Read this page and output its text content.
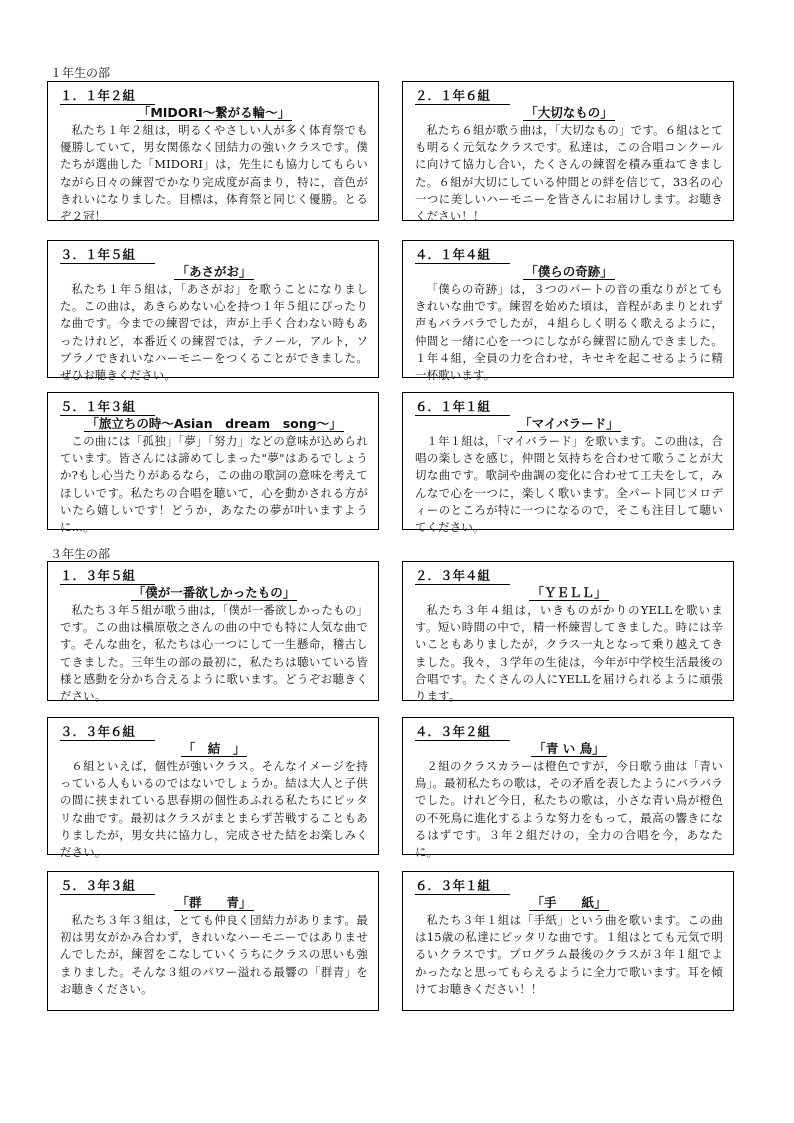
１年生の部
１．１年２組
「MIDORI～繋がる輪～」
私たち１年２組は，明るくやさしい人が多く体育祭でも優勝していて，男女関係なく団結力の強いクラスです。僕たちが選曲した「MIDORI」は，先生にも協力してもらいながら日々の練習でかなり完成度が高まり，特に，音色がきれいになりました。目標は，体育祭と同じく優勝。とるぞ２冠！
２．１年６組
「大切なもの」
私たち６組が歌う曲は，「大切なもの」です。６組はとても明るく元気なクラスです。私達は，この合唱コンクールに向けて協力し合い，たくさんの練習を積み重ねてきました。６組が大切にしている仲間との絆を信じて，33名の心一つに美しいハーモニーを皆さんにお届けします。お聴きください！！
３．１年５組
「あさがお」
私たち１年５組は，「あさがお」を歌うことになりました。この曲は，あきらめない心を持つ１年５組にぴったりな曲です。今までの練習では，声が上手く合わない時もあったけれど，本番近くの練習では，テノール，アルト，ソプラノできれいなハーモニーをつくることができました。ぜひお聴きください。
４．１年４組
「僕らの奇跡」
「僕らの奇跡」は，３つのパートの音の重なりがとてもきれいな曲です。練習を始めた頃は，音程があまりとれず声もバラバラでしたが，４組らしく明るく歌えるように，仲間と一緒に心を一つにしながら練習に励んできました。１年４組，全員の力を合わせ，キセキを起こせるように精一杯歌います。
５．１年３組
「旅立ちの時～Asian　dream　song～」
この曲には「孤独」「夢」「努力」などの意味が込められています。皆さんには諦めてしまった"夢"はあるでしょうか?もし心当たりがあるなら，この曲の歌詞の意味を考えてほしいです。私たちの合唱を聴いて，心を動かされる方がいたら嬉しいです！どうか，あなたの夢が叶いますように…。
６．１年１組
「マイバラード」
１年１組は，「マイバラード」を歌います。この曲は，合唱の楽しさを感じ，仲間と気持ちを合わせて歌うことが大切な曲です。歌詞や曲調の変化に合わせて工夫をして，みんなで心を一つに，楽しく歌います。全パート同じメロディーのところが特に一つになるので，そこも注目して聴いてください。
３年生の部
１．３年５組
「僕が一番欲しかったもの」
私たち３年５組が歌う曲は，「僕が一番欲しかったもの」です。この曲は槇原敬之さんの曲の中でも特に人気な曲です。そんな曲を，私たちは心一つにして一生懸命，稽古してきました。三年生の部の最初に，私たちは聴いている皆様と感動を分かち合えるように歌います。どうぞお聴きください。
２．３年４組
「ＹＥＬＬ」
私たち３年４組は，いきものがかりのYELLを歌います。短い時間の中で，精一杯練習してきました。時には辛いこともありましたが，クラス一丸となって乗り越えてきました。我々，３学年の生徒は，今年が中学校生活最後の合唱です。たくさんの人にYELLを届けられるように頑張ります。
３．３年６組
「　結　」
６組といえば，個性が強いクラス。そんなイメージを持っている人もいるのではないでしょうか。結は大人と子供の間に挟まれている思春期の個性あふれる私たちにピッタリな曲です。最初はクラスがまとまらず苦戦することもありましたが，男女共に協力し，完成させた結をお楽しみください。
４．３年２組
「青 い 鳥」
２組のクラスカラーは橙色ですが，今日歌う曲は「青い鳥」。最初私たちの歌は，その矛盾を表したようにバラバラでした。けれど今日，私たちの歌は，小さな青い鳥が橙色の不死鳥に進化するような努力をもって，最高の響きになるはずです。３年２組だけの，全力の合唱を今，あなたに。
５．３年３組
「群　　青」
私たち３年３組は，とても仲良く団結力があります。最初は男女がかみ合わず，きれいなハーモニーではありませんでしたが，練習をこなしていくうちにクラスの思いも強まりました。そんな３組のパワー溢れる最響の「群青」をお聴きください。
６．３年１組
「手　　紙」
私たち３年１組は「手紙」という曲を歌います。この曲は15歳の私達にピッタリな曲です。１組はとても元気で明るいクラスです。プログラム最後のクラスが３年１組でよかったなと思ってもらえるように全力で歌います。耳を傾けてお聴きください！！
